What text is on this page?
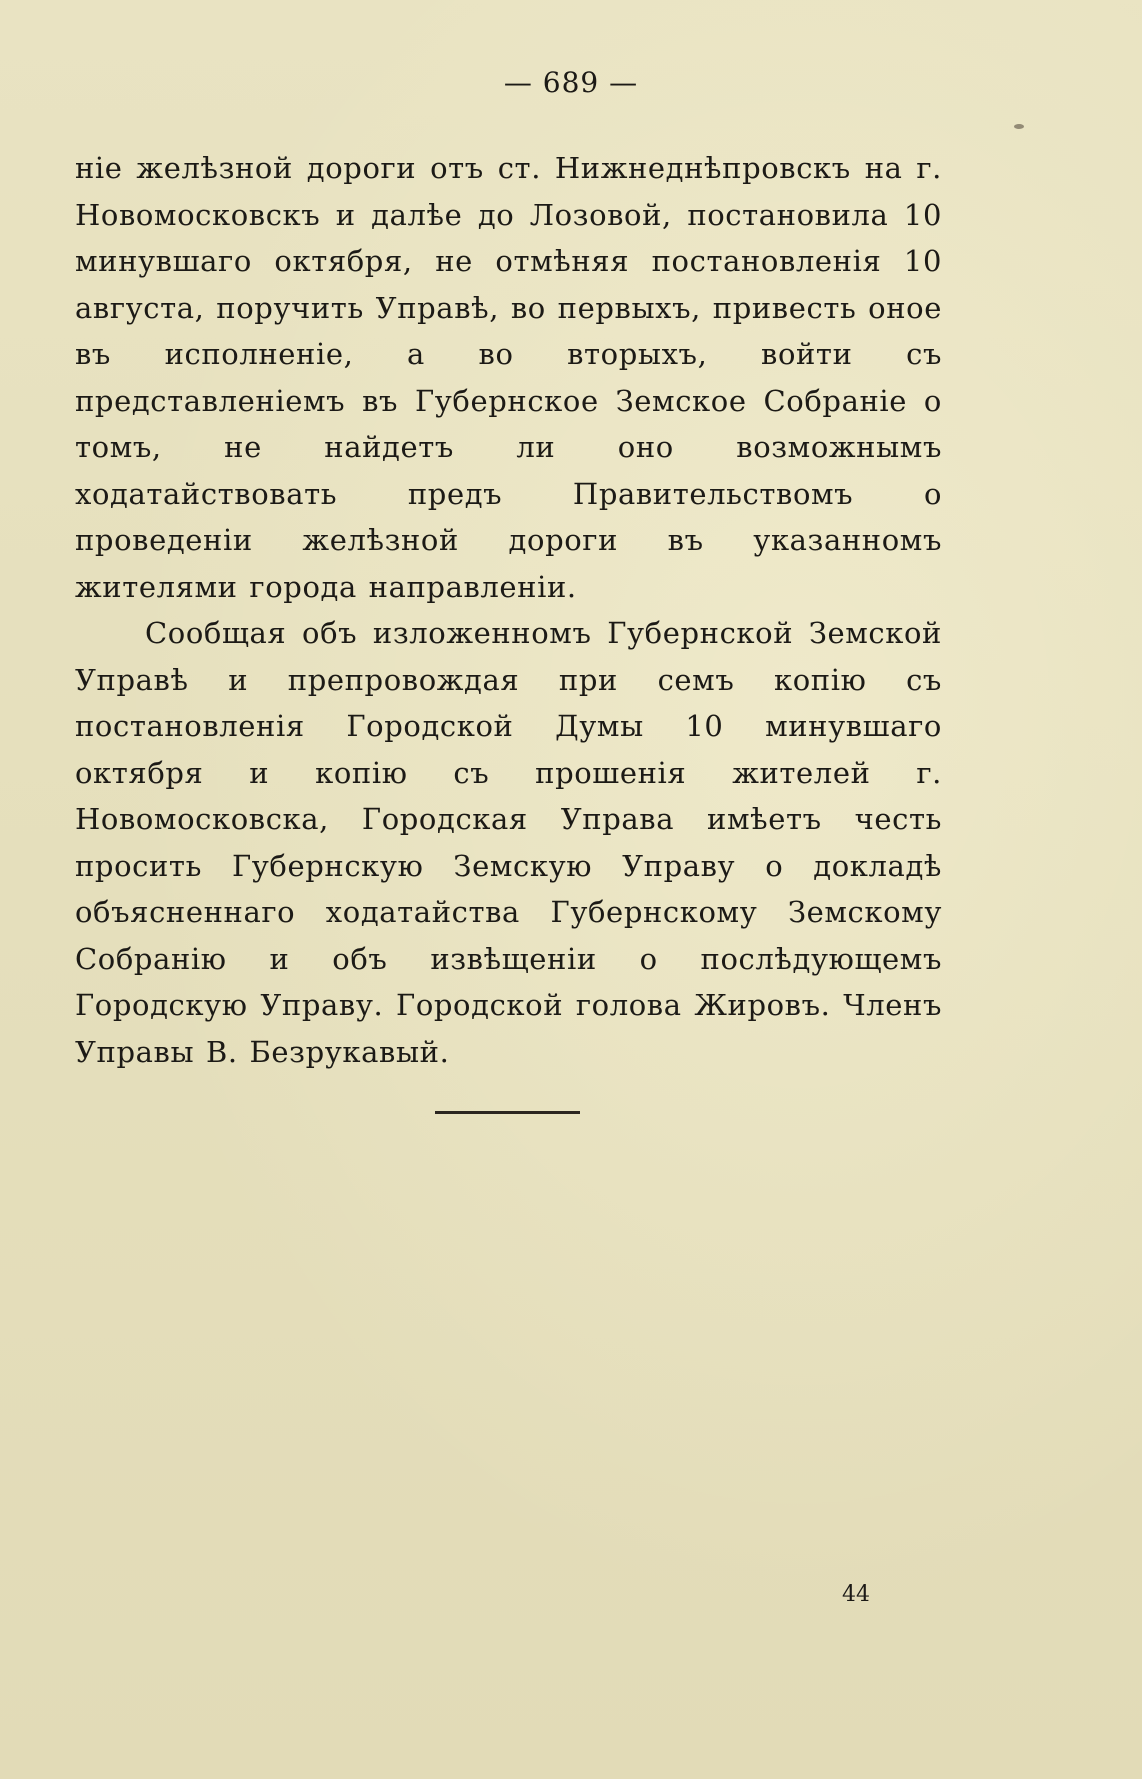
— 689 —

ніе желѣзной дороги отъ ст. Нижнеднѣпровскъ на г. Новомосковскъ и далѣе до Лозовой, постановила 10 минувшаго октября, не отмѣняя постановленія 10 августа, поручить Управѣ, во первыхъ, привесть оное въ исполненіе, а во вторыхъ, войти съ представленіемъ въ Губернское Земское Собраніе о томъ, не найдетъ ли оно возможнымъ ходатайствовать предъ Правительствомъ о проведеніи желѣзной дороги въ указанномъ жителями города направленіи.

Сообщая объ изложенномъ Губернской Земской Управѣ и препровождая при семъ копію съ постановленія Городской Думы 10 минувшаго октября и копію съ прошенія жителей г. Новомосковска, Городская Управа имѣетъ честь просить Губернскую Земскую Управу о докладѣ объясненнаго ходатайства Губернскому Земскому Собранію и объ извѣщеніи о послѣдующемъ Городскую Управу. Городской голова Жировъ. Членъ Управы В. Безрукавый.

44
